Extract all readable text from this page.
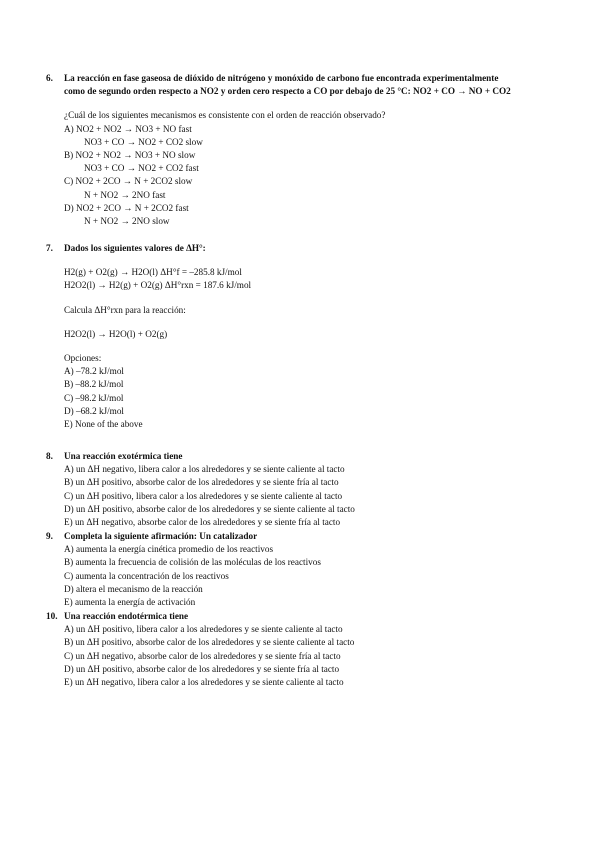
6.	La reacción en fase gaseosa de dióxido de nitrógeno y monóxido de carbono fue encontrada experimentalmente
como de segundo orden respecto a NO2 y orden cero respecto a CO por debajo de 25 °C: NO2 + CO → NO + CO2
¿Cuál de los siguientes mecanismos es consistente con el orden de reacción observado?
A) NO2 + NO2 → NO3 + NO fast
NO3 + CO → NO2 + CO2 slow
B) NO2 + NO2 → NO3 + NO slow
NO3 + CO → NO2 + CO2 fast
C) NO2 + 2CO → N + 2CO2 slow
N + NO2 → 2NO fast
D) NO2 + 2CO → N + 2CO2 fast
N + NO2 → 2NO slow
7.	Dados los siguientes valores de ΔH°:
H2(g) + O2(g) → H2O(l) ΔH°f = –285.8 kJ/mol
H2O2(l) → H2(g) + O2(g) ΔH°rxn = 187.6 kJ/mol
Calcula ΔH°rxn para la reacción:
H2O2(l) → H2O(l) + O2(g)
Opciones:
A) –78.2 kJ/mol
B) –88.2 kJ/mol
C) –98.2 kJ/mol
D) –68.2 kJ/mol
E) None of the above
8.	Una reacción exotérmica tiene
A) un ΔH negativo, libera calor a los alrededores y se siente caliente al tacto
B) un ΔH positivo, absorbe calor de los alrededores y se siente fría al tacto
C) un ΔH positivo, libera calor a los alrededores y se siente caliente al tacto
D) un ΔH positivo, absorbe calor de los alrededores y se siente caliente al tacto
E) un ΔH negativo, absorbe calor de los alrededores y se siente fría al tacto
9.	Completa la siguiente afirmación: Un catalizador
A) aumenta la energía cinética promedio de los reactivos
B) aumenta la frecuencia de colisión de las moléculas de los reactivos
C) aumenta la concentración de los reactivos
D) altera el mecanismo de la reacción
E) aumenta la energía de activación
10. Una reacción endotérmica tiene
A) un ΔH positivo, libera calor a los alrededores y se siente caliente al tacto
B) un ΔH positivo, absorbe calor de los alrededores y se siente caliente al tacto
C) un ΔH negativo, absorbe calor de los alrededores y se siente fría al tacto
D) un ΔH positivo, absorbe calor de los alrededores y se siente fría al tacto
E) un ΔH negativo, libera calor a los alrededores y se siente caliente al tacto
